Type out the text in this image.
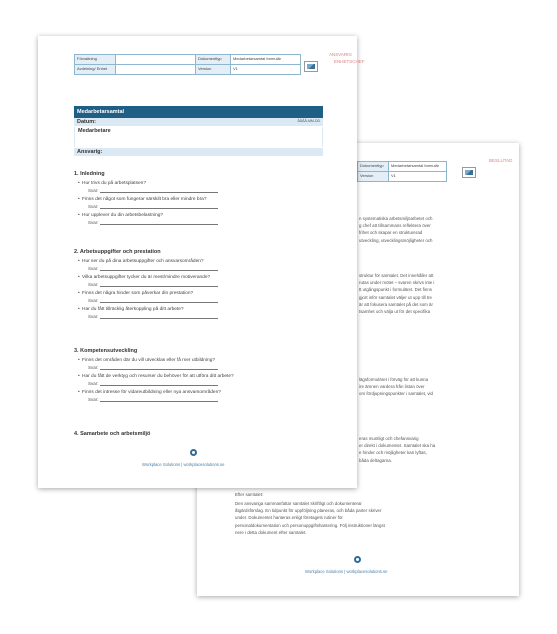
Dokumenttyp	Medarbetarsamtal formulär
Version	V1
BESLUTAD
n systematiska arbetsmiljöarbetet och
g chef att tillsammans reflektera över
frihet och skapar en strukturerad
utveckling, utvecklingsmöjligheter och
struktur för samtalet. Det innehåller att
rutas under mötet – svaren skrivs inte i
tt utgångspunkt i formuläret. Det finns
gjort inför samtalet väljer ut upp till tre
är att fokusera samtalet på det som är
tsamhet och välja ut för det specifika
lägsformuläret i förväg för att kunna
ire ämnen vardera från listan över
om fördjupningspunkter i samtalet, vid
eras muntligt och chefansvarig
er direkt i dokumentet. Samtalet ska ha
e hinder och möjligheter kan lyftas,
båda deltagarna.
Efter samtalet:
Den ansvariga sammanfattar samtalet skriftligt och dokumenterar
åtgärdsförslag. En tidpunkt för uppföljning planeras, och båda parter skriver
under. Dokumentet hanteras enligt företagets rutiner för
personaldokumentation och personuppgiftshantering. Följ instruktioner längst
nere i detta dokument efter samtalet.
Workplace Solutions | workplacesolutions.se
Förvaltning		Dokumenttyp	Medarbetarsamtal formulär
Avdelning/ Enhet		Version	V1
ANSVARIG
ENHETSCHEF
Medarbetarsamtal
Datum:	ÅÅÅÅ-MM-DD
Medarbetare
Ansvarig:
1. Inledning
• Hur trivs du på arbetsplatsen?
Svar:
• Finns det något som fungerar särskilt bra eller mindre bra?
Svar:
• Hur upplever du din arbetsbelastning?
Svar:
2. Arbetsuppgifter och prestation
• Hur ser du på dina arbetsuppgifter och ansvarsområden?
Svar:
• Vilka arbetsuppgifter tycker du är mest/mindre motiverande?
Svar:
• Finns det några hinder som påverkar din prestation?
Svar:
• Har du fått tillräcklig återkoppling på ditt arbete?
Svar:
3. Kompetensutveckling
• Finns det områden där du vill utvecklas eller få mer utbildning?
Svar:
• Har du fått de verktyg och resurser du behöver för att utföra ditt arbete?
Svar:
• Finns det intresse för vidareutbildning eller nya ansvarsområden?
Svar:
4. Samarbete och arbetsmiljö
Workplace Solutions | workplacesolutions.se
